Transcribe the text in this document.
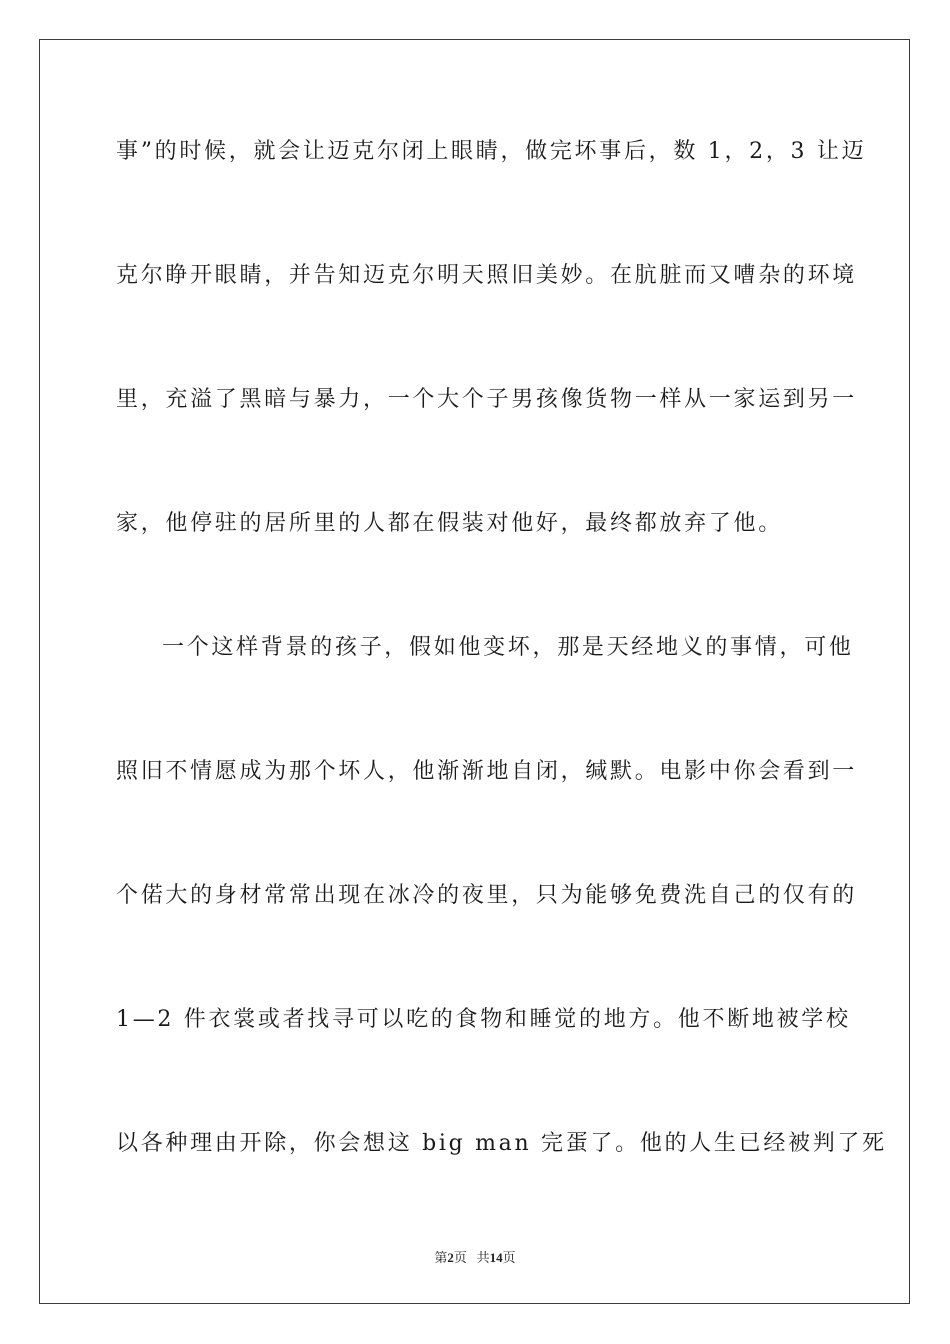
事”的时候，就会让迈克尔闭上眼睛，做完坏事后，数 1，2，3 让迈
克尔睁开眼睛，并告知迈克尔明天照旧美妙。在肮脏而又嘈杂的环境
里，充溢了黑暗与暴力，一个大个子男孩像货物一样从一家运到另一
家，他停驻的居所里的人都在假装对他好，最终都放弃了他。
一个这样背景的孩子，假如他变坏，那是天经地义的事情，可他
照旧不情愿成为那个坏人，他渐渐地自闭，缄默。电影中你会看到一
个偌大的身材常常出现在冰冷的夜里，只为能够免费洗自己的仅有的
1—2 件衣裳或者找寻可以吃的食物和睡觉的地方。他不断地被学校
以各种理由开除，你会想这 big man 完蛋了。他的人生已经被判了死
第2页 共14页
